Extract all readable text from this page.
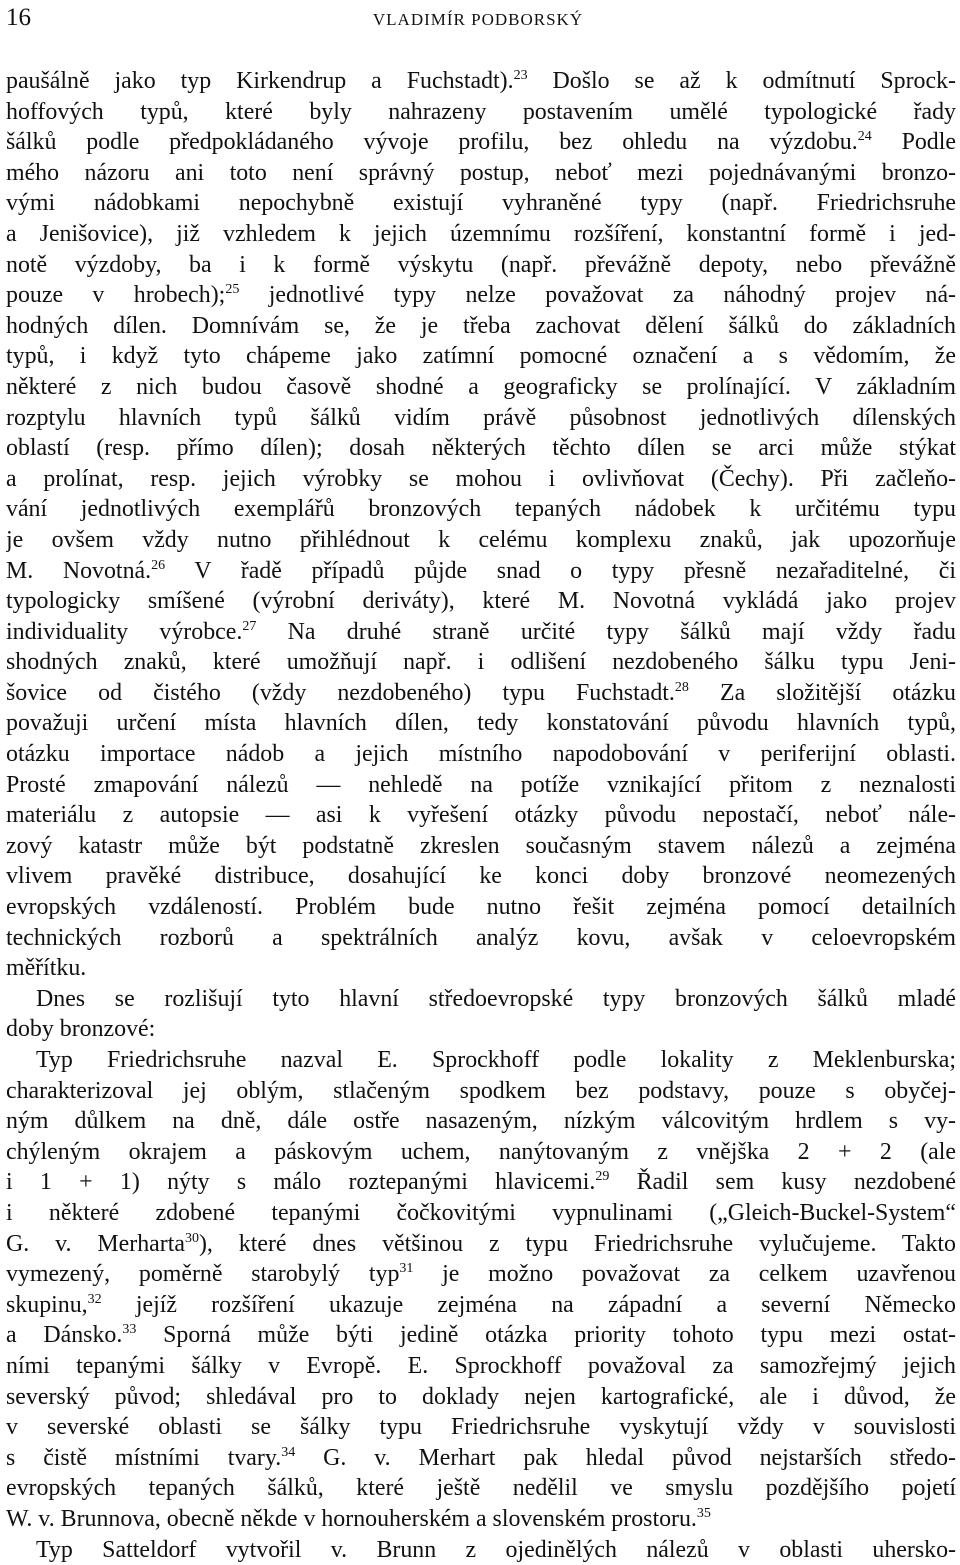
16	VLADIMÍR PODBORSKÝ
paušálně jako typ Kirkendrup a Fuchstadt).$^{23}$ Došlo se až k odmítnutí Sprock-
hoffových typů, které byly nahrazeny postavením umělé typologické řady
šálků podle předpokládaného vývoje profilu, bez ohledu na výzdobu.$^{24}$ Podle
mého názoru ani toto není správný postup, neboť mezi pojednávanými bronzo-
vými nádobkami nepochybně existují vyhraněné typy (např. Friedrichsruhe
a Jenišovice), již vzhledem k jejich územnímu rozšíření, konstantní formě i jed-
notě výzdoby, ba i k formě výskytu (např. převážně depoty, nebo převážně
pouze v hrobech);$^{25}$ jednotlivé typy nelze považovat za náhodný projev ná-
hodných dílen. Domnívám se, že je třeba zachovat dělení šálků do základních
typů, i když tyto chápeme jako zatímní pomocné označení a s vědomím, že
některé z nich budou časově shodné a geograficky se prolínající. V základním
rozptylu hlavních typů šálků vidím právě působnost jednotlivých dílenských
oblastí (resp. přímo dílen); dosah některých těchto dílen se arci může stýkat
a prolínat, resp. jejich výrobky se mohou i ovlivňovat (Čechy). Při začleňo-
vání jednotlivých exemplářů bronzových tepaných nádobek k určitému typu
je ovšem vždy nutno přihlédnout k celému komplexu znaků, jak upozorňuje
M. Novotná.$^{26}$ V řadě případů půjde snad o typy přesně nezařaditelné, či
typologicky smíšené (výrobní deriváty), které M. Novotná vykládá jako projev
individuality výrobce.$^{27}$ Na druhé straně určité typy šálků mají vždy řadu
shodných znaků, které umožňují např. i odlišení nezdobeného šálku typu Jeni-
šovice od čistého (vždy nezdobeného) typu Fuchstadt.$^{28}$ Za složitější otázku
považuji určení místa hlavních dílen, tedy konstatování původu hlavních typů,
otázku importace nádob a jejich místního napodobování v periferijní oblasti.
Prosté zmapování nálezů — nehledě na potíže vznikající přitom z neznalosti
materiálu z autopsie — asi k vyřešení otázky původu nepostačí, neboť nále-
zový katastr může být podstatně zkreslen současným stavem nálezů a zejména
vlivem pravěké distribuce, dosahující ke konci doby bronzové neomezených
evropských vzdáleností. Problém bude nutno řešit zejména pomocí detailních
technických rozborů a spektrálních analýz kovu, avšak v celoevropském
měřítku.
Dnes se rozlišují tyto hlavní středoevropské typy bronzových šálků mladé
doby bronzové:
Typ Friedrichsruhe nazval E. Sprockhoff podle lokality z Meklenburska;
charakterizoval jej oblým, stlačeným spodkem bez podstavy, pouze s obyčej-
ným důlkem na dně, dále ostře nasazeným, nízkým válcovitým hrdlem s vy-
chýleným okrajem a páskovým uchem, nanýtovaným z vnějška 2 + 2 (ale
i 1 + 1) nýty s málo roztepanými hlavicemi.$^{29}$ Řadil sem kusy nezdobené
i některé zdobené tepanými čočkovitými vypnulinami („Gleich-Buckel-System“
G. v. Merharta$^{30}$), které dnes většinou z typu Friedrichsruhe vylučujeme. Takto
vymezený, poměrně starobylý typ$^{31}$ je možno považovat za celkem uzavřenou
skupinu,$^{32}$ jejíž rozšíření ukazuje zejména na západní a severní Německo
a Dánsko.$^{33}$ Sporná může býti jedině otázka priority tohoto typu mezi ostat-
ními tepanými šálky v Evropě. E. Sprockhoff považoval za samozřejmý jejich
severský původ; shledával pro to doklady nejen kartografické, ale i důvod, že
v severské oblasti se šálky typu Friedrichsruhe vyskytují vždy v souvislosti
s čistě místními tvary.$^{34}$ G. v. Merhart pak hledal původ nejstarších středo-
evropských tepaných šálků, které ještě nedělil ve smyslu pozdějšího pojetí
W. v. Brunnova, obecně někde v hornouherském a slovenském prostoru.$^{35}$
Typ Satteldorf vytvořil v. Brunn z ojedinělých nálezů v oblasti uhersko-
